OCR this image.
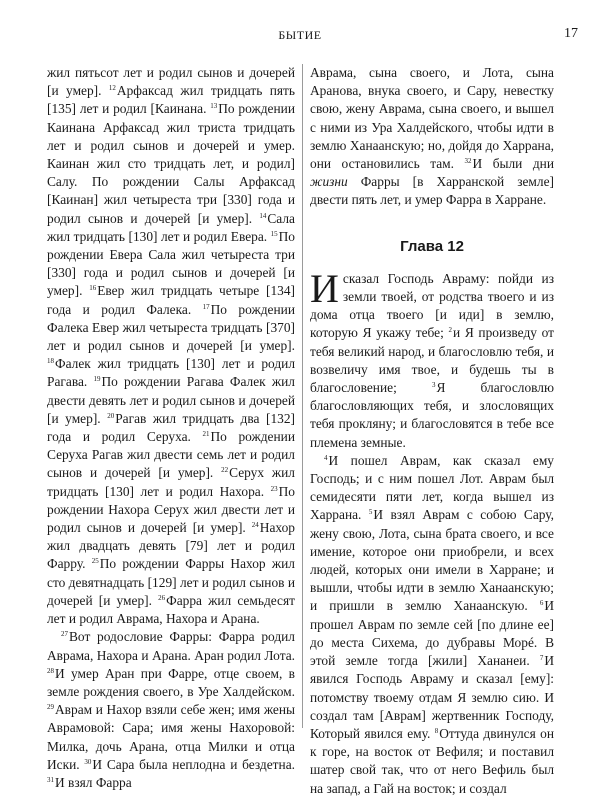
БЫТИЕ	17

жил пятьсот лет и родил сынов и дочерей [и умер]. $^{12}$Арфаксад жил тридцать пять [135] лет и родил [Каинана. $^{13}$По рождении Каинана Арфаксад жил триста тридцать лет и родил сынов и дочерей и умер. Каинан жил сто тридцать лет, и родил] Салу. По рождении Салы Арфаксад [Каинан] жил четыреста три [330] года и родил сынов и дочерей [и умер]. $^{14}$Сала жил тридцать [130] лет и родил Евера. $^{15}$По рождении Евера Сала жил четыреста три [330] года и родил сынов и дочерей [и умер]. $^{16}$Евер жил тридцать четыре [134] года и родил Фалека. $^{17}$По рождении Фалека Евер жил четыреста тридцать [370] лет и родил сынов и дочерей [и умер]. $^{18}$Фалек жил тридцать [130] лет и родил Рагава. $^{19}$По рождении Рагава Фалек жил двести девять лет и родил сынов и дочерей [и умер]. $^{20}$Рагав жил тридцать два [132] года и родил Серуха. $^{21}$По рождении Серуха Рагав жил двести семь лет и родил сынов и дочерей [и умер]. $^{22}$Серух жил тридцать [130] лет и родил Нахора. $^{23}$По рождении Нахора Серух жил двести лет и родил сынов и дочерей [и умер]. $^{24}$Нахор жил двадцать девять [79] лет и родил Фарру. $^{25}$По рождении Фарры Нахор жил сто девятнадцать [129] лет и родил сынов и дочерей [и умер]. $^{26}$Фарра жил семьдесят лет и родил Аврама, Нахора и Арана.

$^{27}$Вот родословие Фарры: Фарра родил Аврама, Нахора и Арана. Аран родил Лота. $^{28}$И умер Аран при Фарре, отце своем, в земле рождения своего, в Уре Халдейском. $^{29}$Аврам и Нахор взяли себе жен; имя жены Аврамовой: Сара; имя жены Нахоровой: Милка, дочь Арана, отца Милки и отца Иски. $^{30}$И Сара была неплодна и бездетна. $^{31}$И взял Фарра

Аврама, сына своего, и Лота, сына Аранова, внука своего, и Сару, невестку свою, жену Аврама, сына своего, и вышел с ними из Ура Халдейского, чтобы идти в землю Ханаанскую; но, дойдя до Харрана, они остановились там. $^{32}$И были дни жизни Фарры [в Харранской земле] двести пять лет, и умер Фарра в Харране.

Глава 12

Исказал Господь Авраму: пойди из земли твоей, от родства твоего и из дома отца твоего [и иди] в землю, которую Я укажу тебе; $^2$и Я произведу от тебя великий народ, и благословлю тебя, и возвеличу имя твое, и будешь ты в благословение; $^3$Я благословлю благословляющих тебя, и злословящих тебя прокляну; и благословятся в тебе все племена земные.

$^4$И пошел Аврам, как сказал ему Господь; и с ним пошел Лот. Аврам был семидесяти пяти лет, когда вышел из Харрана. $^5$И взял Аврам с собою Сару, жену свою, Лота, сына брата своего, и все имение, которое они приобрели, и всех людей, которых они имели в Харране; и вышли, чтобы идти в землю Ханаанскую; и пришли в землю Ханаанскую. $^6$И прошел Аврам по земле сей [по длине ее] до места Сихема, до дубравы Морé. В этой земле тогда [жили] Хананеи. $^7$И явился Господь Авраму и сказал [ему]: потомству твоему отдам Я землю сию. И создал там [Аврам] жертвенник Господу, Который явился ему. $^8$Оттуда двинулся он к горе, на восток от Вефиля; и поставил шатер свой так, что от него Вефиль был на запад, а Гай на восток; и создал
